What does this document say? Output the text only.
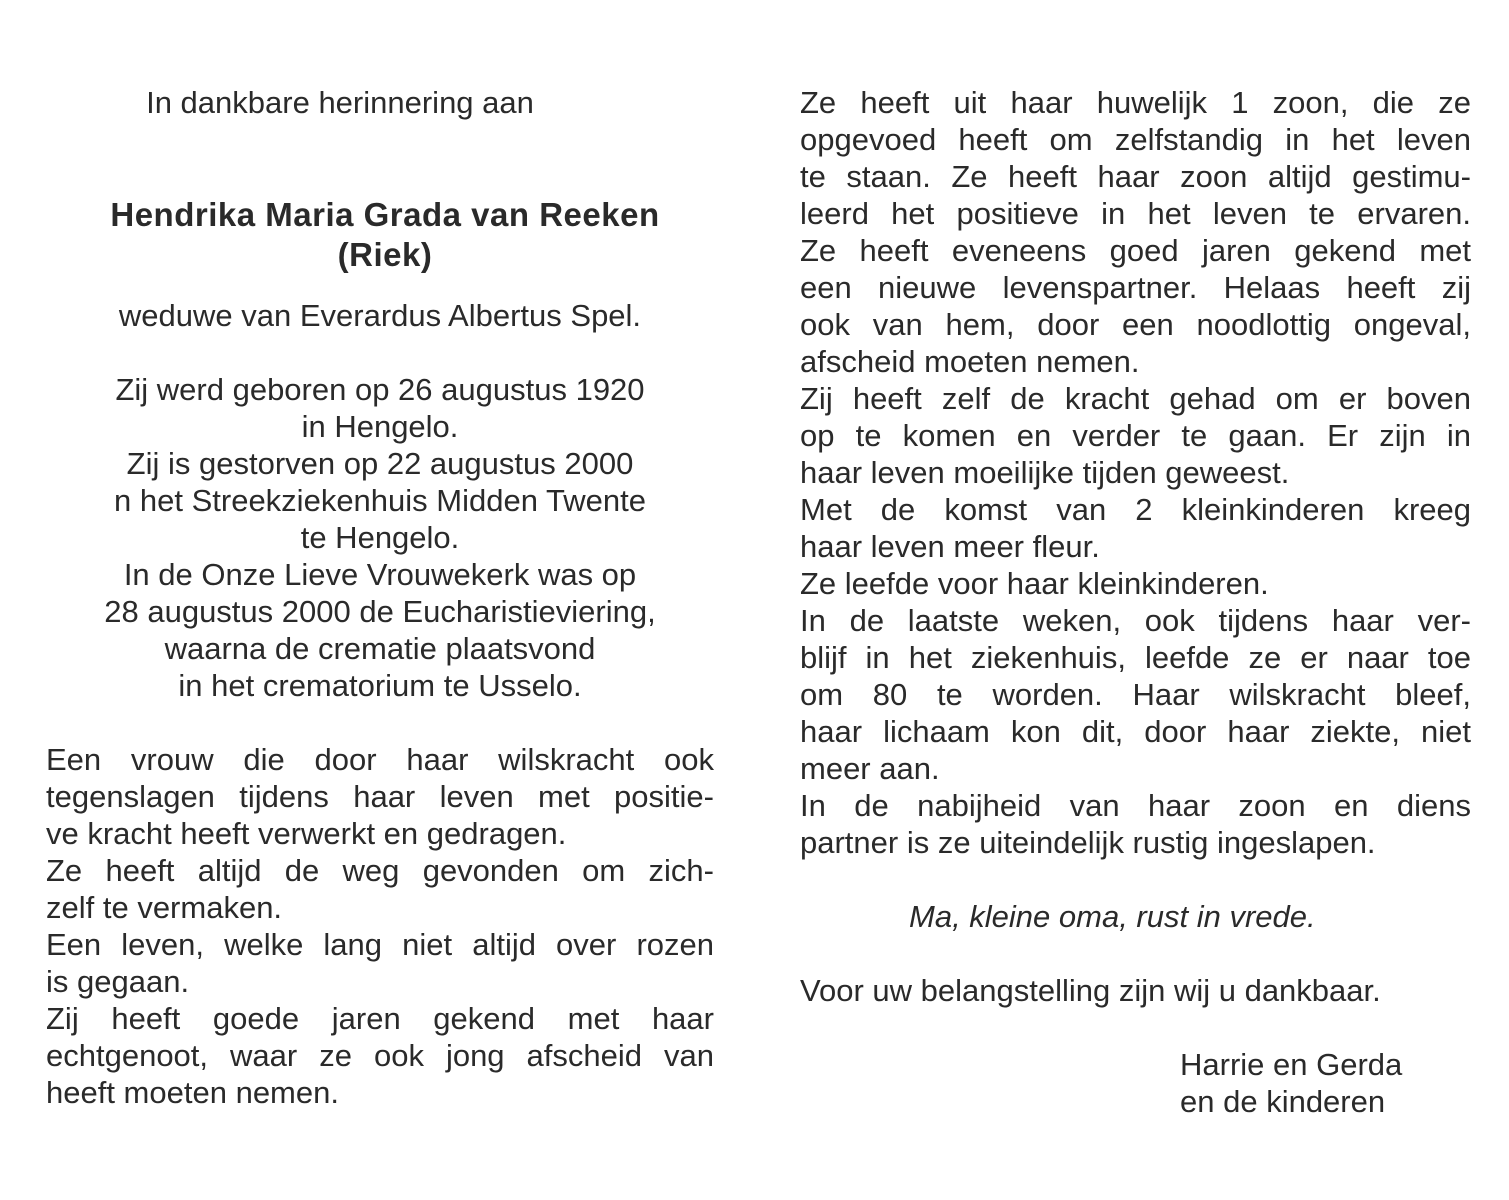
In dankbare herinnering aan
Hendrika Maria Grada van Reeken
(Riek)
weduwe van Everardus Albertus Spel.
Zij werd geboren op 26 augustus 1920
in Hengelo.
Zij is gestorven op 22 augustus 2000
n het Streekziekenhuis Midden Twente
te Hengelo.
In de Onze Lieve Vrouwekerk was op
28 augustus 2000 de Eucharistieviering,
waarna de crematie plaatsvond
in het crematorium te Usselo.
Een vrouw die door haar wilskracht ook
tegenslagen tijdens haar leven met positie-
ve kracht heeft verwerkt en gedragen.
Ze heeft altijd de weg gevonden om zich-
zelf te vermaken.
Een leven, welke lang niet altijd over rozen
is gegaan.
Zij heeft goede jaren gekend met haar
echtgenoot, waar ze ook jong afscheid van
heeft moeten nemen.
Ze heeft uit haar huwelijk 1 zoon, die ze
opgevoed heeft om zelfstandig in het leven
te staan. Ze heeft haar zoon altijd gestimu-
leerd het positieve in het leven te ervaren.
Ze heeft eveneens goed jaren gekend met
een nieuwe levenspartner. Helaas heeft zij
ook van hem, door een noodlottig ongeval,
afscheid moeten nemen.
Zij heeft zelf de kracht gehad om er boven
op te komen en verder te gaan. Er zijn in
haar leven moeilijke tijden geweest.
Met de komst van 2 kleinkinderen kreeg
haar leven meer fleur.
Ze leefde voor haar kleinkinderen.
In de laatste weken, ook tijdens haar ver-
blijf in het ziekenhuis, leefde ze er naar toe
om 80 te worden. Haar wilskracht bleef,
haar lichaam kon dit, door haar ziekte, niet
meer aan.
In de nabijheid van haar zoon en diens
partner is ze uiteindelijk rustig ingeslapen.
Ma, kleine oma, rust in vrede.
Voor uw belangstelling zijn wij u dankbaar.
Harrie en Gerda
en de kinderen
